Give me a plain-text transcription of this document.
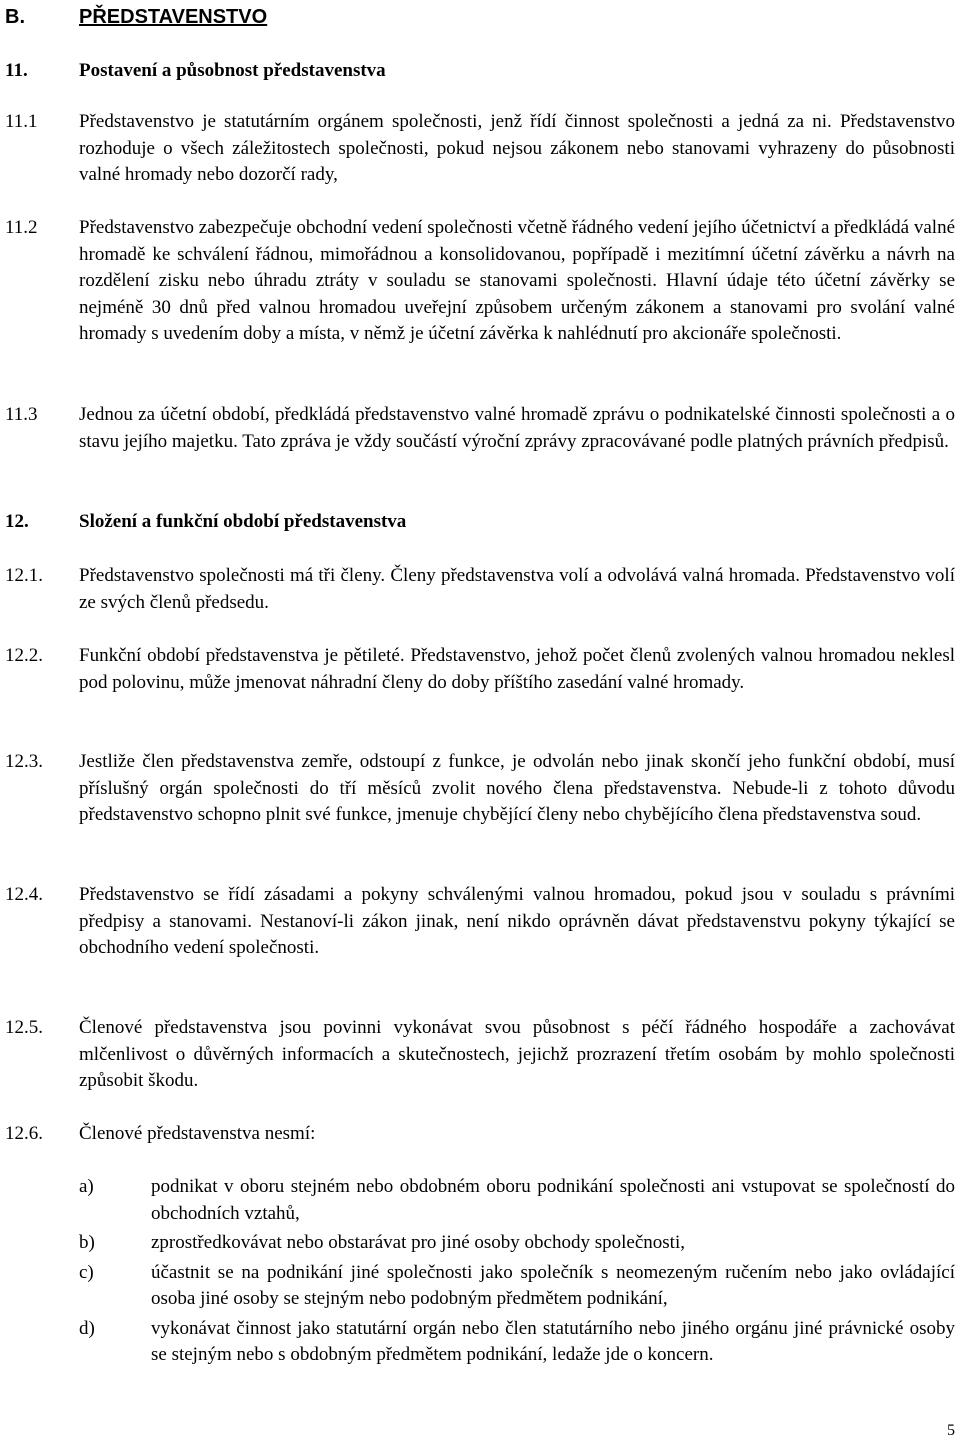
B.	PŘEDSTAVENSTVO
11.	Postavení a působnost představenstva
11.1	Představenstvo je statutárním orgánem společnosti, jenž řídí činnost společnosti a jedná za ni. Představenstvo rozhoduje o všech záležitostech společnosti, pokud nejsou zákonem nebo stanovami vyhrazeny do působnosti valné hromady nebo dozorčí rady,
11.2	Představenstvo zabezpečuje obchodní vedení společnosti včetně řádného vedení jejího účetnictví a předkládá valné hromadě ke schválení řádnou, mimořádnou a konsolidovanou, popřípadě i mezitímní účetní závěrku a návrh na rozdělení zisku nebo úhradu ztráty v souladu se stanovami společnosti. Hlavní údaje této účetní závěrky se nejméně 30 dnů před valnou hromadou uveřejní způsobem určeným zákonem a stanovami pro svolání valné hromady s uvedením doby a místa, v němž je účetní závěrka k nahlédnutí pro akcionáře společnosti.
11.3	Jednou za účetní období, předkládá představenstvo valné hromadě zprávu o podnikatelské činnosti společnosti a o stavu jejího majetku. Tato zpráva je vždy součástí výroční zprávy zpracovávané podle platných právních předpisů.
12.	Složení a funkční období představenstva
12.1.	Představenstvo společnosti má tři členy. Členy představenstva volí a odvolává valná hromada. Představenstvo volí ze svých členů předsedu.
12.2.	Funkční období představenstva je pětileté. Představenstvo, jehož počet členů zvolených valnou hromadou neklesl pod polovinu, může jmenovat náhradní členy do doby příštího zasedání valné hromady.
12.3.	Jestliže člen představenstva zemře, odstoupí z funkce, je odvolán nebo jinak skončí jeho funkční období, musí příslušný orgán společnosti do tří měsíců zvolit nového člena představenstva. Nebude-li z tohoto důvodu představenstvo schopno plnit své funkce, jmenuje chybějící členy nebo chybějícího člena představenstva soud.
12.4.	Představenstvo se řídí zásadami a pokyny schválenými valnou hromadou, pokud jsou v souladu s právními předpisy a stanovami. Nestanoví-li zákon jinak, není nikdo oprávněn dávat představenstvu pokyny týkající se obchodního vedení společnosti.
12.5.	Členové představenstva jsou povinni vykonávat svou působnost s péčí řádného hospodáře a zachovávat mlčenlivost o důvěrných informacích a skutečnostech, jejichž prozrazení třetím osobám by mohlo společnosti způsobit škodu.
12.6.	Členové představenstva nesmí:
a)	podnikat v oboru stejném nebo obdobném oboru podnikání společnosti ani vstupovat se společností do obchodních vztahů,
b)	zprostředkovávat nebo obstarávat pro jiné osoby obchody společnosti,
c)	účastnit se na podnikání jiné společnosti jako společník s neomezeným ručením nebo jako ovládající osoba jiné osoby se stejným nebo podobným předmětem podnikání,
d)	vykonávat činnost jako statutární orgán nebo člen statutárního nebo jiného orgánu jiné právnické osoby se stejným nebo s obdobným předmětem podnikání, ledaže jde o koncern.
5
